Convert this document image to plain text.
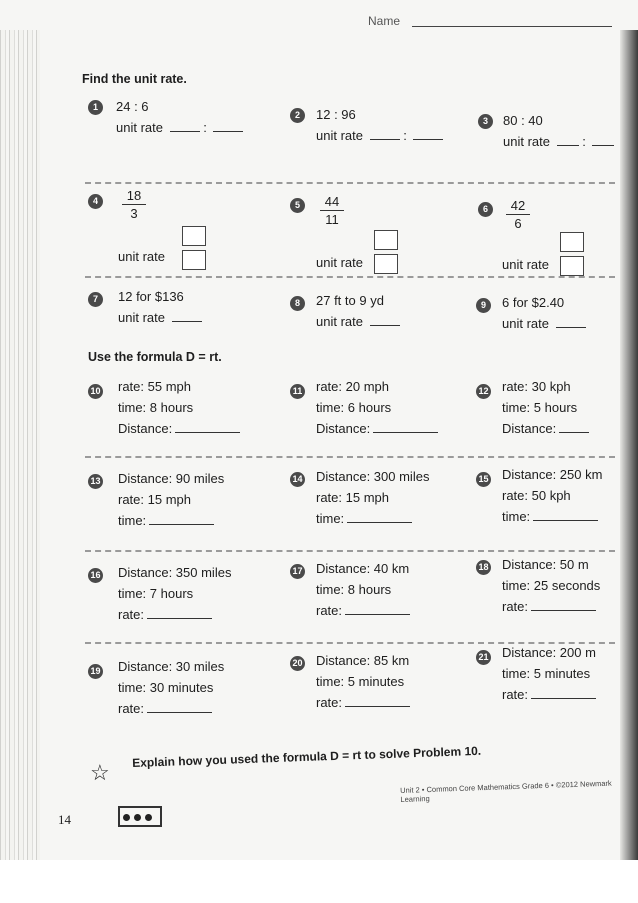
Name
Find the unit rate.
1	24 : 6
unit rate	:
2	12 : 96
unit rate	:
3	80 : 40
unit rate :
4	18
3
unit rate
5	44
11
unit rate
6	42
6
unit rate
7	12 for $136
unit rate
8	27 ft to 9 yd
unit rate
9	6 for $2.40
unit rate
Use the formula D = rt.
10 rate: 55 mph
time: 8 hours
Distance:
11 rate: 20 mph
time: 6 hours
Distance:
12 rate: 30 kph
time: 5 hours
Distance:
13 Distance: 90 miles
rate: 15 mph
time:
14 Distance: 300 miles
rate: 15 mph
time:
15 Distance: 250 km
rate: 50 kph
time:
16 Distance: 350 miles
time: 7 hours
rate:
17 Distance: 40 km
time: 8 hours
rate:
18 Distance: 50 m
time: 25 seconds
rate:
19 Distance: 30 miles
time: 30 minutes
rate:
20 Distance: 85 km
time: 5 minutes
rate:
21 Distance: 200 m
time: 5 minutes
rate:
☆
Explain how you used the formula D = rt to solve Problem 10.
Unit 2 • Common Core Mathematics Grade 6 • ©2012 Newmark Learning
14
